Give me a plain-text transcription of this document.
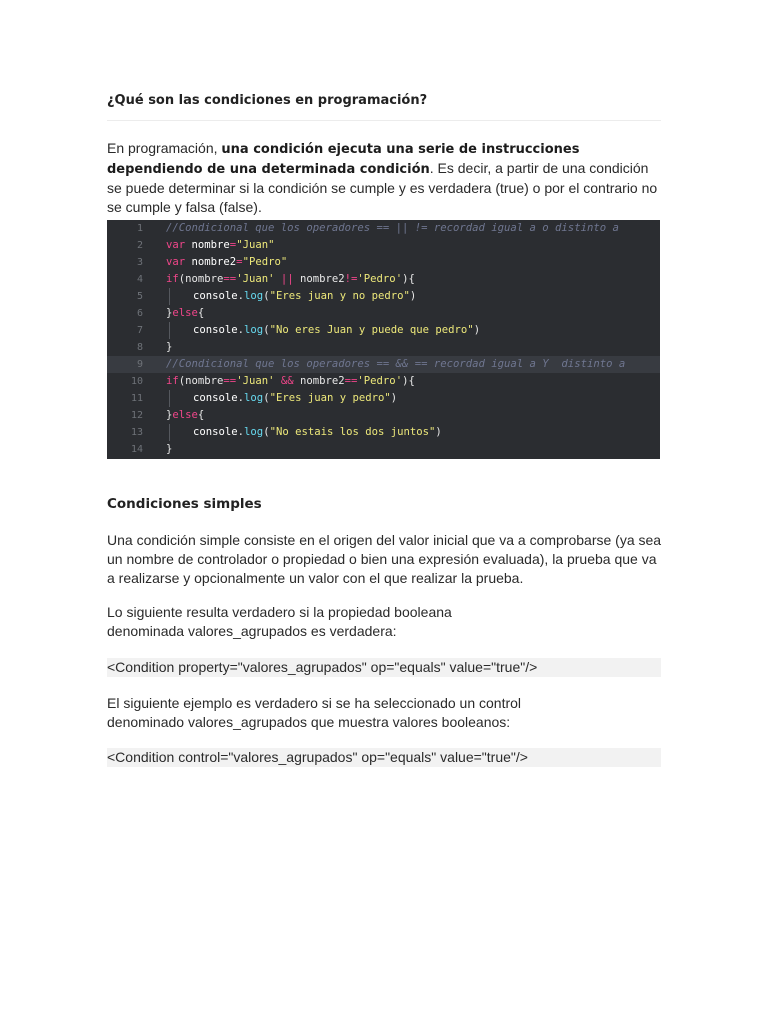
¿Qué son las condiciones en programación?

En programación, una condición ejecuta una serie de instrucciones dependiendo de una determinada condición. Es decir, a partir de una condición se puede determinar si la condición se cumple y es verdadera (true) o por el contrario no se cumple y falsa (false).

Condiciones simples

Una condición simple consiste en el origen del valor inicial que va a comprobarse (ya sea un nombre de controlador o propiedad o bien una expresión evaluada), la prueba que va a realizarse y opcionalmente un valor con el que realizar la prueba.

Lo siguiente resulta verdadero si la propiedad booleana
denominada valores_agrupados es verdadera:

<Condition property="valores_agrupados" op="equals" value="true"/>

El siguiente ejemplo es verdadero si se ha seleccionado un control
denominado valores_agrupados que muestra valores booleanos:

<Condition control="valores_agrupados" op="equals" value="true"/>
1 //Condicional que los operadores == || != recordad igual a o distinto a
2 var nombre="Juan"
3 var nombre2="Pedro"
4 if(nombre=='Juan' || nombre2!='Pedro'){
5	console.log("Eres juan y no pedro")
6 }else{
7	console.log("No eres Juan y puede que pedro")
8 }
9 //Condicional que los operadores == && == recordad igual a Y  distinto a
10 if(nombre=='Juan' && nombre2=='Pedro'){
11	console.log("Eres juan y pedro")
12 }else{
13	console.log("No estais los dos juntos")
14 }
